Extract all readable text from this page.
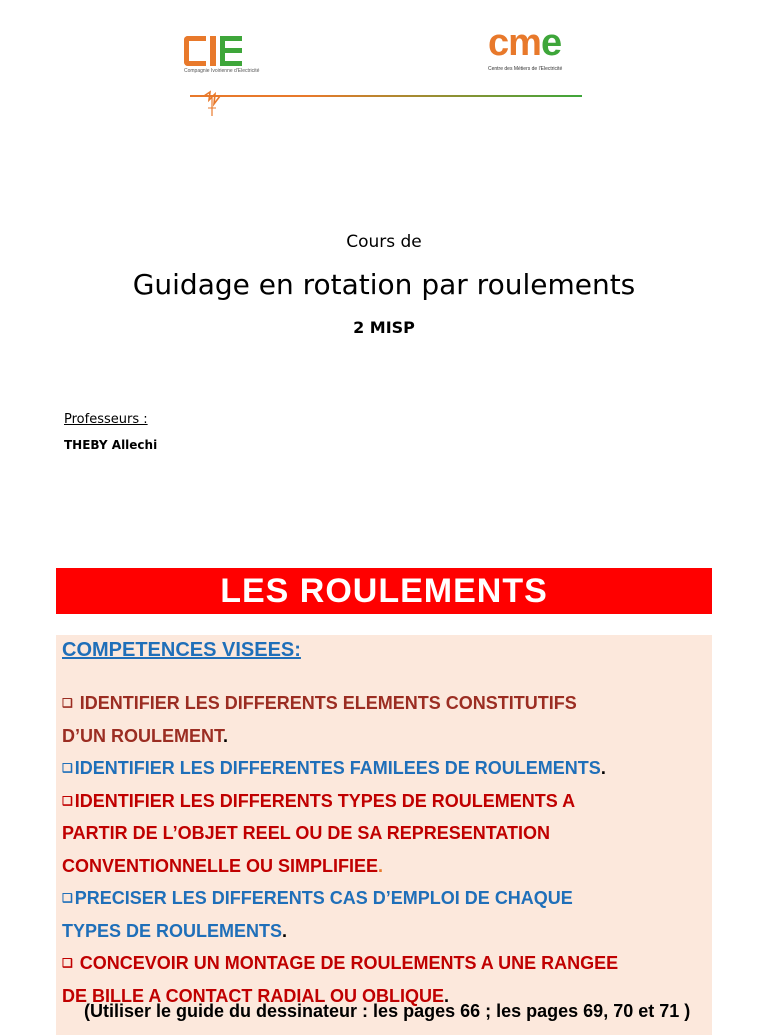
Compagnie Ivoirienne d'Electricité
cme
Centre des Métiers de l'Electricité
Cours de
Guidage en rotation par roulements
2 MISP
Professeurs :
THEBY Allechi
LES ROULEMENTS
COMPETENCES VISEES:
❑ IDENTIFIER LES DIFFERENTS ELEMENTS CONSTITUTIFS
D’UN ROULEMENT.
❑ IDENTIFIER LES DIFFERENTES FAMILEES DE ROULEMENTS.
❑ IDENTIFIER LES DIFFERENTS TYPES DE ROULEMENTS A
PARTIR DE L’OBJET REEL OU DE SA REPRESENTATION
CONVENTIONNELLE OU SIMPLIFIEE.
❑ PRECISER LES DIFFERENTS CAS D’EMPLOI DE CHAQUE
TYPES DE ROULEMENTS.
❑ CONCEVOIR UN MONTAGE DE ROULEMENTS A UNE RANGEE
DE BILLE A CONTACT RADIAL OU OBLIQUE.
(Utiliser le guide du dessinateur : les pages 66 ; les pages 69, 70 et 71 )
